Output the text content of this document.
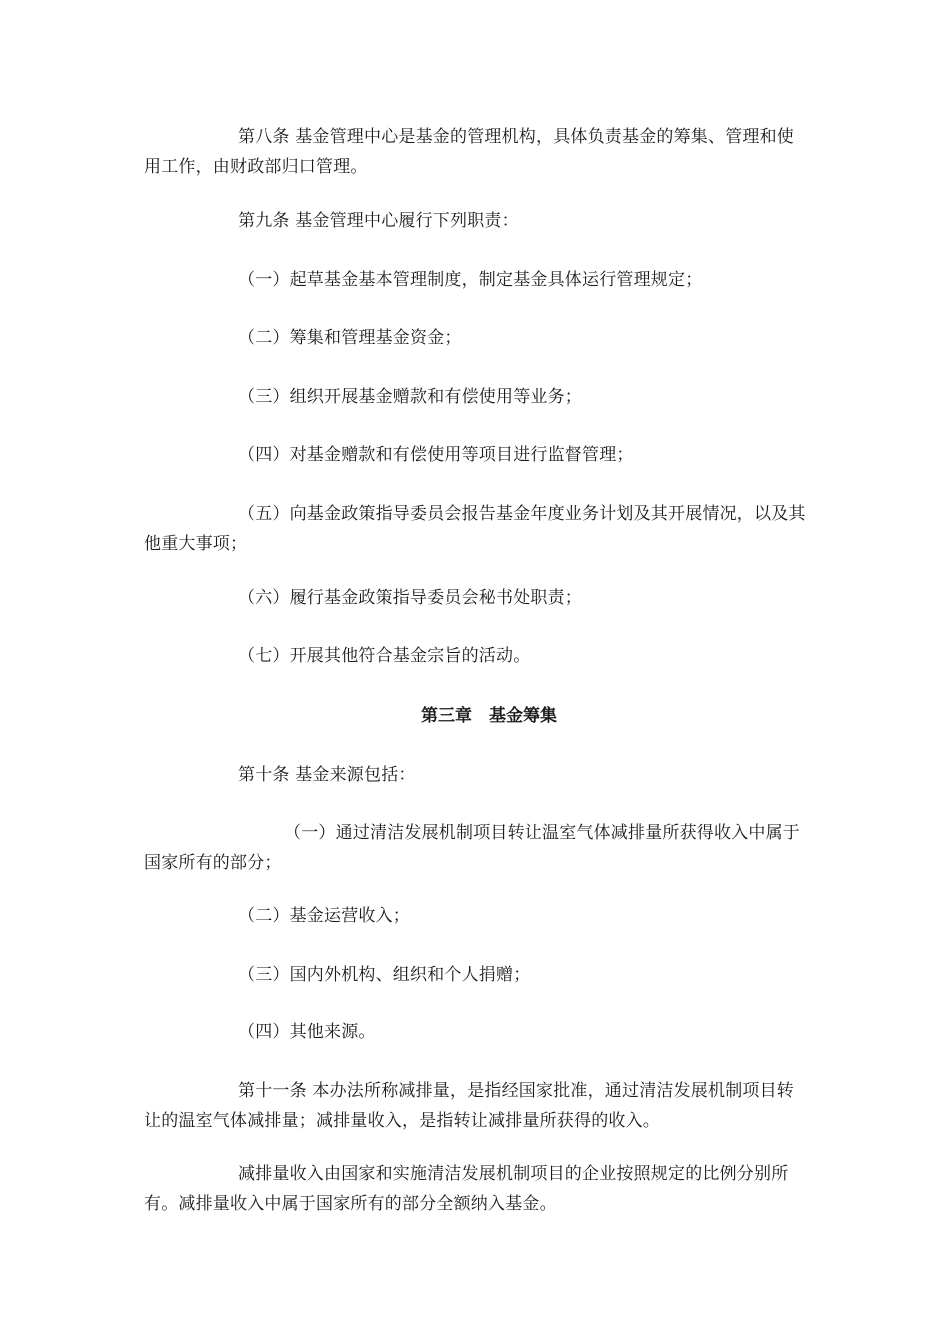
第八条 基金管理中心是基金的管理机构，具体负责基金的筹集、管理和使用工作，由财政部归口管理。

第九条 基金管理中心履行下列职责：

（一）起草基金基本管理制度，制定基金具体运行管理规定；

（二）筹集和管理基金资金；

（三）组织开展基金赠款和有偿使用等业务；

（四）对基金赠款和有偿使用等项目进行监督管理；

（五）向基金政策指导委员会报告基金年度业务计划及其开展情况，以及其他重大事项；

（六）履行基金政策指导委员会秘书处职责；

（七）开展其他符合基金宗旨的活动。

第三章　基金筹集

第十条 基金来源包括：

（一）通过清洁发展机制项目转让温室气体减排量所获得收入中属于国家所有的部分；

（二）基金运营收入；

（三）国内外机构、组织和个人捐赠；

（四）其他来源。

第十一条 本办法所称减排量，是指经国家批准，通过清洁发展机制项目转让的温室气体减排量；减排量收入，是指转让减排量所获得的收入。

减排量收入由国家和实施清洁发展机制项目的企业按照规定的比例分别所有。减排量收入中属于国家所有的部分全额纳入基金。
